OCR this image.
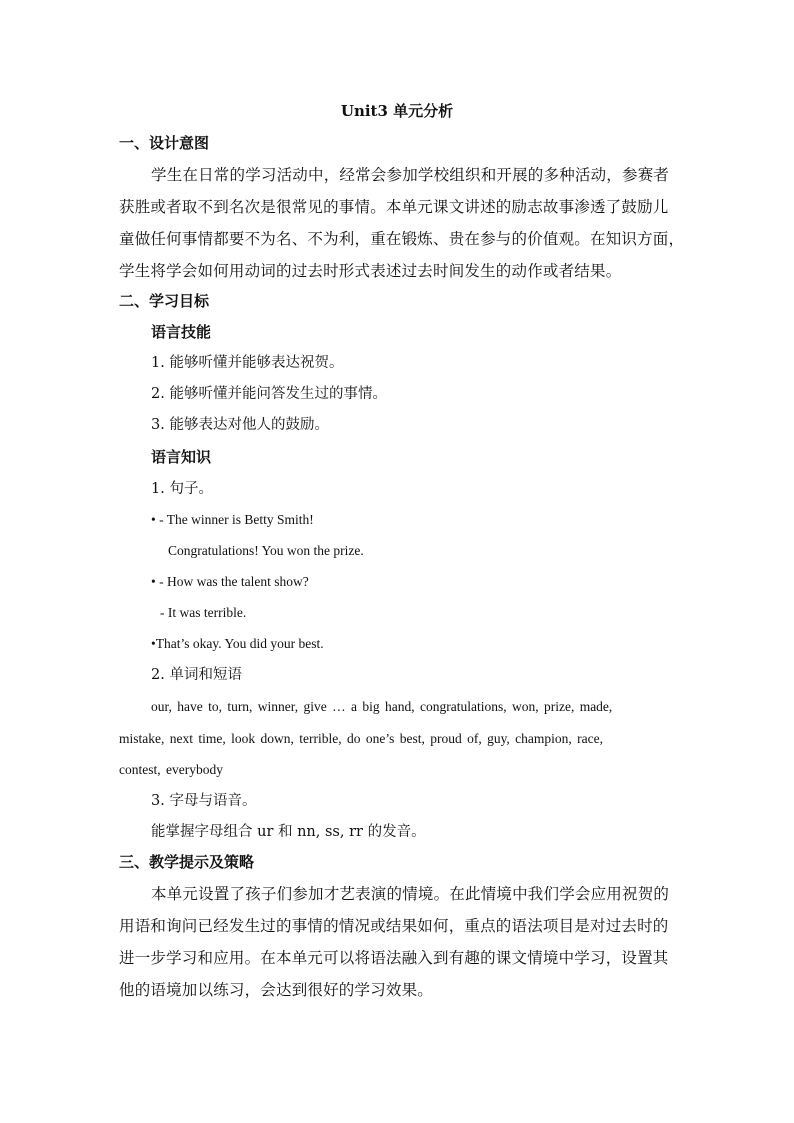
Unit3 单元分析
一、设计意图
学生在日常的学习活动中，经常会参加学校组织和开展的多种活动，参赛者
获胜或者取不到名次是很常见的事情。本单元课文讲述的励志故事渗透了鼓励儿
童做任何事情都要不为名、不为利，重在锻炼、贵在参与的价值观。在知识方面，
学生将学会如何用动词的过去时形式表述过去时间发生的动作或者结果。
二、学习目标
语言技能
1. 能够听懂并能够表达祝贺。
2. 能够听懂并能问答发生过的事情。
3. 能够表达对他人的鼓励。
语言知识
1. 句子。
• - The winner is Betty Smith!
Congratulations! You won the prize.
• - How was the talent show?
- It was terrible.
•That’s okay. You did your best.
2. 单词和短语
our, have to, turn, winner, give … a big hand, congratulations, won, prize, made,
mistake, next time, look down, terrible, do one’s best, proud of, guy, champion, race,
contest, everybody
3. 字母与语音。
能掌握字母组合 ur 和 nn, ss, rr 的发音。
三、教学提示及策略
本单元设置了孩子们参加才艺表演的情境。在此情境中我们学会应用祝贺的
用语和询问已经发生过的事情的情况或结果如何，重点的语法项目是对过去时的
进一步学习和应用。在本单元可以将语法融入到有趣的课文情境中学习，设置其
他的语境加以练习，会达到很好的学习效果。
